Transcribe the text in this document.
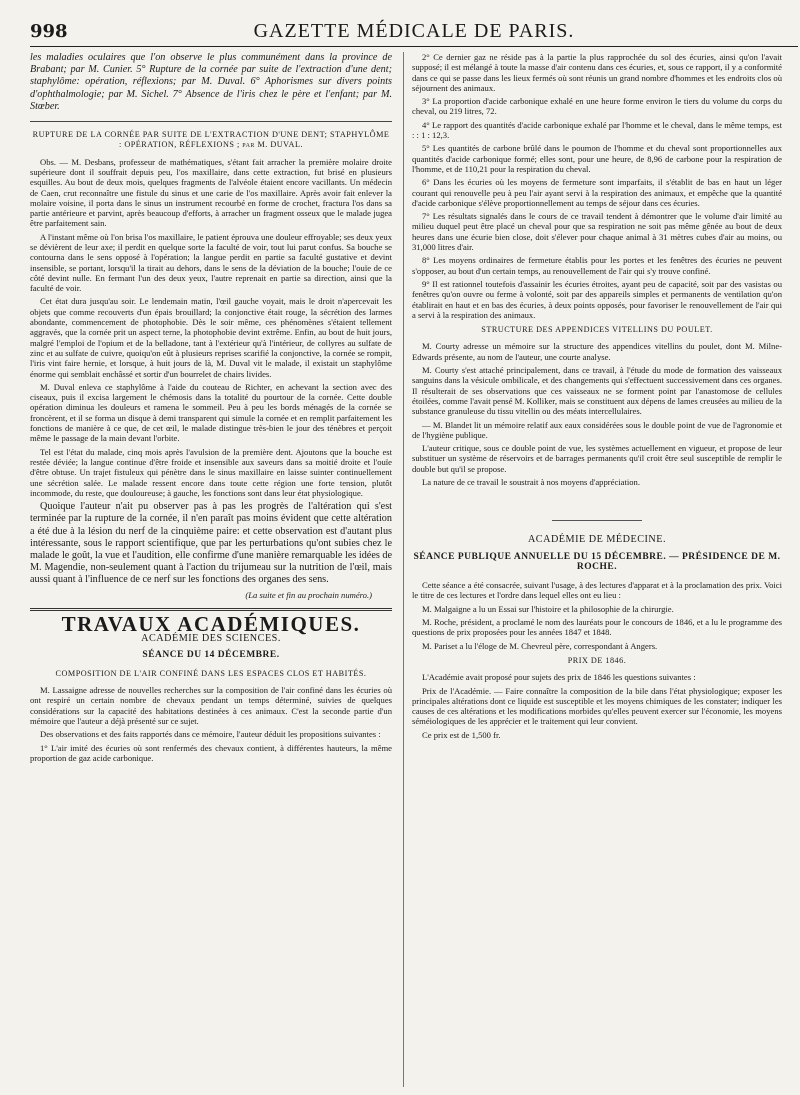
998	GAZETTE MÉDICALE DE PARIS.

les maladies oculaires que l'on observe le plus communément dans la province de Brabant; par M. Cunier. 5° Rupture de la cornée par suite de l'extraction d'une dent; staphylôme: opération, réflexions; par M. Duval. 6° Aphorismes sur divers points d'ophthalmologie; par M. Sichel. 7° Absence de l'iris chez le père et l'enfant; par M. Stœber.

RUPTURE DE LA CORNÉE PAR SUITE DE L'EXTRACTION D'UNE DENT; STAPHYLÔME : OPÉRATION, RÉFLEXIONS ; par M. DUVAL.

Obs. — M. Desbans, professeur de mathématiques, s'étant fait arracher la première molaire droite supérieure dont il souffrait depuis peu, l'os maxillaire, dans cette extraction, fut brisé en plusieurs esquilles. Au bout de deux mois, quelques fragments de l'alvéole étaient encore vacillants. Un médecin de Caen, crut reconnaître une fistule du sinus et une carie de l'os maxillaire. Après avoir fait enlever la molaire voisine, il porta dans le sinus un instrument recourbé en forme de crochet, fractura l'os dans sa partie antérieure et parvint, après beaucoup d'efforts, à arracher un fragment osseux que le malade jugea être parfaitement sain.

A l'instant même où l'on brisa l'os maxillaire, le patient éprouva une douleur effroyable; ses deux yeux se dévièrent de leur axe; il perdit en quelque sorte la faculté de voir, tout lui parut confus. Sa bouche se contourna dans le sens opposé à l'opération; la langue perdit en partie sa faculté gustative et devint insensible, se portant, lorsqu'il la tirait au dehors, dans le sens de la déviation de la bouche; l'ouïe de ce côté devint nulle. En fermant l'un des deux yeux, l'autre reprenait en partie sa direction, ainsi que la faculté de voir.

Cet état dura jusqu'au soir. Le lendemain matin, l'œil gauche voyait, mais le droit n'apercevait les objets que comme recouverts d'un épais brouillard; la conjonctive était rouge, la sécrétion des larmes abondante, commencement de photophobie. Dès le soir même, ces phénomènes s'étaient tellement aggravés, que la cornée prit un aspect terne, la photophobie devint extrême. Enfin, au bout de huit jours, malgré l'emploi de l'opium et de la belladone, tant à l'extérieur qu'à l'intérieur, de collyres au sulfate de zinc et au sulfate de cuivre, quoiqu'on eût à plusieurs reprises scarifié la conjonctive, la cornée se rompit, l'iris vint faire hernie, et lorsque, à huit jours de là, M. Duval vit le malade, il existait un staphylôme énorme qui semblait enchâssé et sortir d'un bourrelet de chairs livides.

M. Duval enleva ce staphylôme à l'aide du couteau de Richter, en achevant la section avec des ciseaux, puis il excisa largement le chémosis dans la totalité du pourtour de la cornée. Cette double opération diminua les douleurs et ramena le sommeil. Peu à peu les bords ménagés de la cornée se froncèrent, et il se forma un disque à demi transparent qui simule la cornée et en remplit parfaitement les fonctions de manière à ce que, de cet œil, le malade distingue très-bien le jour des ténèbres et perçoit même le passage de la main devant l'orbite.

Tel est l'état du malade, cinq mois après l'avulsion de la première dent. Ajoutons que la bouche est restée déviée; la langue continue d'être froide et insensible aux saveurs dans sa moitié droite et l'ouïe d'être obtuse. Un trajet fistuleux qui pénètre dans le sinus maxillaire en laisse suinter continuellement une sécrétion salée. Le malade ressent encore dans toute cette région une forte tension, plutôt incommode, du reste, que douloureuse; à gauche, les fonctions sont dans leur état physiologique.

Quoique l'auteur n'ait pu observer pas à pas les progrès de l'altération qui s'est terminée par la rupture de la cornée, il n'en paraît pas moins évident que cette altération a été due à la lésion du nerf de la cinquième paire: et cette observation est d'autant plus intéressante, sous le rapport scientifique, que par les perturbations qu'ont subies chez le malade le goût, la vue et l'audition, elle confirme d'une manière remarquable les idées de M. Magendie, non-seulement quant à l'action du trijumeau sur la nutrition de l'œil, mais aussi quant à l'influence de ce nerf sur les fonctions des organes des sens.

(La suite et fin au prochain numéro.)

TRAVAUX ACADÉMIQUES.
ACADÉMIE DES SCIENCES.
SÉANCE DU 14 DÉCEMBRE.
COMPOSITION DE L'AIR CONFINÉ DANS LES ESPACES CLOS ET HABITÉS.

M. Lassaigne adresse de nouvelles recherches sur la composition de l'air confiné dans les écuries où ont respiré un certain nombre de chevaux pendant un temps déterminé, suivies de quelques considérations sur la capacité des habitations destinées à ces animaux. C'est la seconde partie d'un mémoire que l'auteur a déjà présenté sur ce sujet.

Des observations et des faits rapportés dans ce mémoire, l'auteur déduit les propositions suivantes :

1° L'air imité des écuries où sont renfermés des chevaux contient, à différentes hauteurs, la même proportion de gaz acide carbonique.

2° Ce dernier gaz ne réside pas à la partie la plus rapprochée du sol des écuries, ainsi qu'on l'avait supposé; il est mélangé à toute la masse d'air contenu dans ces écuries, et, sous ce rapport, il y a conformité dans ce qui se passe dans les lieux fermés où sont réunis un grand nombre d'hommes et les endroits clos où séjournent des animaux.

3° La proportion d'acide carbonique exhalé en une heure forme environ le tiers du volume du corps du cheval, ou 219 litres, 72.

4° Le rapport des quantités d'acide carbonique exhalé par l'homme et le cheval, dans le même temps, est : : 1 : 12,3.

5° Les quantités de carbone brûlé dans le poumon de l'homme et du cheval sont proportionnelles aux quantités d'acide carbonique formé; elles sont, pour une heure, de 8,96 de carbone pour la respiration de l'homme, et de 110,21 pour la respiration du cheval.

6° Dans les écuries où les moyens de fermeture sont imparfaits, il s'établit de bas en haut un léger courant qui renouvelle peu à peu l'air ayant servi à la respiration des animaux, et empêche que la quantité d'acide carbonique s'élève proportionnellement au temps de séjour dans ces écuries.

7° Les résultats signalés dans le cours de ce travail tendent à démontrer que le volume d'air limité au milieu duquel peut être placé un cheval pour que sa respiration ne soit pas même gênée au bout de deux heures dans une écurie bien close, doit s'élever pour chaque animal à 31 mètres cubes d'air au moins, ou 31,000 litres d'air.

8° Les moyens ordinaires de fermeture établis pour les portes et les fenêtres des écuries ne peuvent s'opposer, au bout d'un certain temps, au renouvellement de l'air qui s'y trouve confiné.

9° Il est rationnel toutefois d'assainir les écuries étroites, ayant peu de capacité, soit par des vasistas ou fenêtres qu'on ouvre ou ferme à volonté, soit par des appareils simples et permanents de ventilation qu'on établirait en haut et en bas des écuries, à deux points opposés, pour favoriser le renouvellement de l'air qui a servi à la respiration des animaux.

STRUCTURE DES APPENDICES VITELLINS DU POULET.

M. Courty adresse un mémoire sur la structure des appendices vitellins du poulet, dont M. Milne-Edwards présente, au nom de l'auteur, une courte analyse.

M. Courty s'est attaché principalement, dans ce travail, à l'étude du mode de formation des vaisseaux sanguins dans la vésicule ombilicale, et des changements qui s'effectuent successivement dans ces organes. Il résulterait de ses observations que ces vaisseaux ne se forment point par l'anastomose de cellules étoilées, comme l'avait pensé M. Kolliker, mais se constituent aux dépens de lames creusées au milieu de la substance granuleuse du tissu vitellin ou des méats intercellulaires.

— M. Blandet lit un mémoire relatif aux eaux considérées sous le double point de vue de l'agronomie et de l'hygiène publique.

L'auteur critique, sous ce double point de vue, les systèmes actuellement en vigueur, et propose de leur substituer un système de réservoirs et de barrages permanents qu'il croit être seul susceptible de remplir le double but qu'il se propose.

La nature de ce travail le soustrait à nos moyens d'appréciation.

ACADÉMIE DE MÉDECINE.
SÉANCE PUBLIQUE ANNUELLE DU 15 DÉCEMBRE. — PRÉSIDENCE DE M. ROCHE.

Cette séance a été consacrée, suivant l'usage, à des lectures d'apparat et à la proclamation des prix. Voici le titre de ces lectures et l'ordre dans lequel elles ont eu lieu :

M. Malgaigne a lu un Essai sur l'histoire et la philosophie de la chirurgie.

M. Roche, président, a proclamé le nom des lauréats pour le concours de 1846, et a lu le programme des questions de prix proposées pour les années 1847 et 1848.

M. Pariset a lu l'éloge de M. Chevreul père, correspondant à Angers.

PRIX DE 1846.

L'Académie avait proposé pour sujets des prix de 1846 les questions suivantes :

Prix de l'Académie. — Faire connaître la composition de la bile dans l'état physiologique; exposer les principales altérations dont ce liquide est susceptible et les moyens chimiques de les constater; indiquer les causes de ces altérations et les modifications morbides qu'elles peuvent exercer sur l'économie, les moyens séméiologiques de les apprécier et le traitement qui leur convient.

Ce prix est de 1,500 fr.
